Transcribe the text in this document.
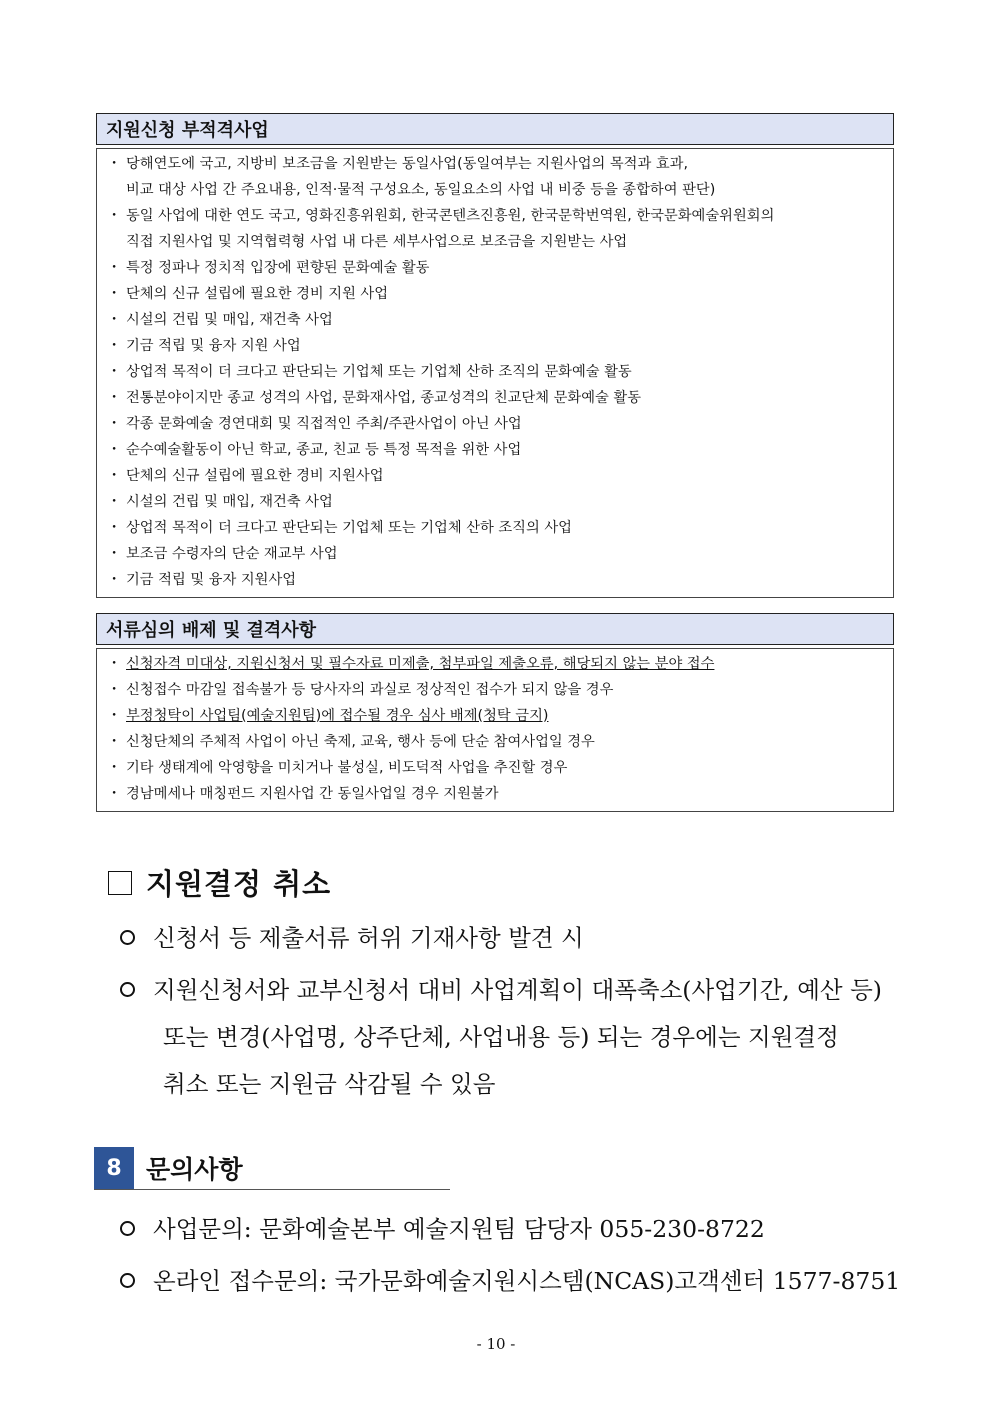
지원신청 부적격사업
・ 당해연도에 국고, 지방비 보조금을 지원받는 동일사업(동일여부는 지원사업의 목적과 효과,
비교 대상 사업 간 주요내용, 인적·물적 구성요소, 동일요소의 사업 내 비중 등을 종합하여 판단)
・ 동일 사업에 대한 연도 국고, 영화진흥위원회, 한국콘텐츠진흥원, 한국문학번역원, 한국문화예술위원회의
직접 지원사업 및 지역협력형 사업 내 다른 세부사업으로 보조금을 지원받는 사업
・ 특정 정파나 정치적 입장에 편향된 문화예술 활동
・ 단체의 신규 설립에 필요한 경비 지원 사업
・ 시설의 건립 및 매입, 재건축 사업
・ 기금 적립 및 융자 지원 사업
・ 상업적 목적이 더 크다고 판단되는 기업체 또는 기업체 산하 조직의 문화예술 활동
・ 전통분야이지만 종교 성격의 사업, 문화재사업, 종교성격의 친교단체 문화예술 활동
・ 각종 문화예술 경연대회 및 직접적인 주최/주관사업이 아닌 사업
・ 순수예술활동이 아닌 학교, 종교, 친교 등 특정 목적을 위한 사업
・ 단체의 신규 설립에 필요한 경비 지원사업
・ 시설의 건립 및 매입, 재건축 사업
・ 상업적 목적이 더 크다고 판단되는 기업체 또는 기업체 산하 조직의 사업
・ 보조금 수령자의 단순 재교부 사업
・ 기금 적립 및 융자 지원사업
서류심의 배제 및 결격사항
・ 신청자격 미대상, 지원신청서 및 필수자료 미제출, 첨부파일 제출오류, 해당되지 않는 분야 접수
・ 신청접수 마감일 접속불가 등 당사자의 과실로 정상적인 접수가 되지 않을 경우
・ 부정청탁이 사업팀(예술지원팀)에 접수될 경우 심사 배제(청탁 금지)
・ 신청단체의 주체적 사업이 아닌 축제, 교육, 행사 등에 단순 참여사업일 경우
・ 기타 생태계에 악영향을 미치거나 불성실, 비도덕적 사업을 추진할 경우
・ 경남메세나 매칭펀드 지원사업 간 동일사업일 경우 지원불가
지원결정 취소
신청서 등 제출서류 허위 기재사항 발견 시
지원신청서와 교부신청서 대비 사업계획이 대폭축소(사업기간, 예산 등)
또는 변경(사업명, 상주단체, 사업내용 등) 되는 경우에는 지원결정
취소 또는 지원금 삭감될 수 있음
8 문의사항
사업문의: 문화예술본부 예술지원팀 담당자 055-230-8722
온라인 접수문의: 국가문화예술지원시스템(NCAS)고객센터 1577-8751
- 10 -
